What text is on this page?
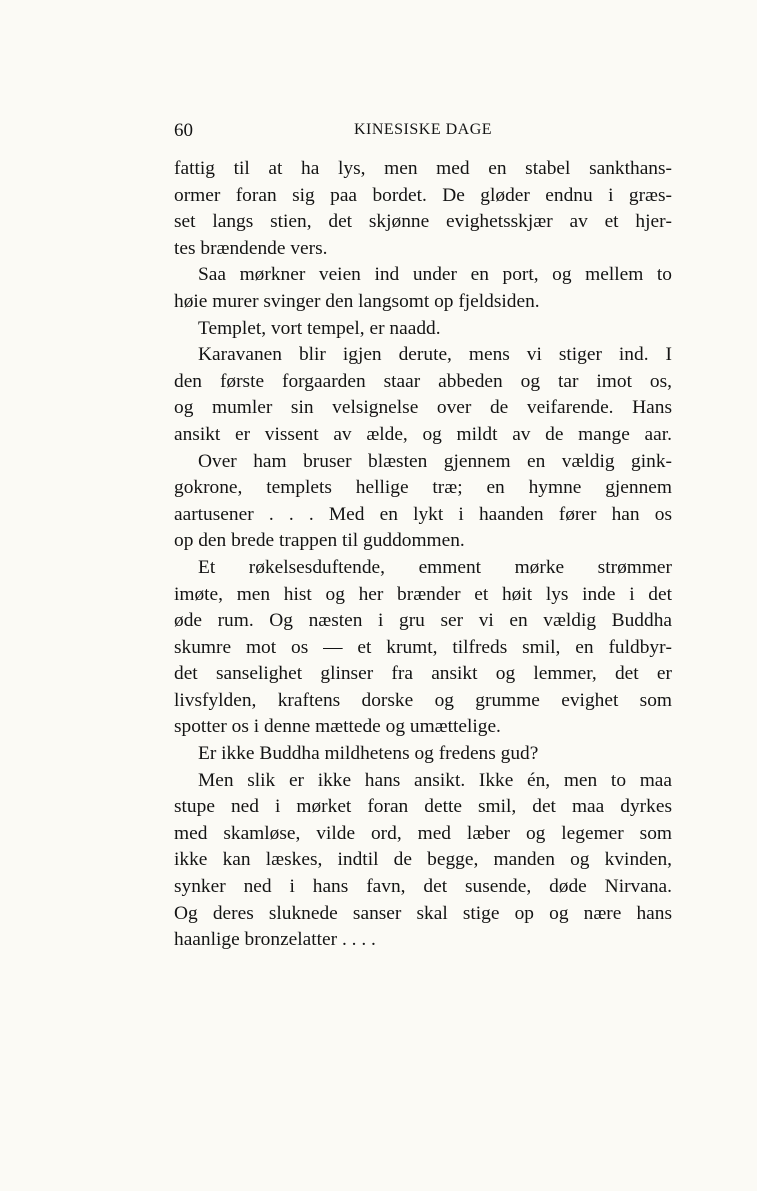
60	KINESISKE DAGE
fattig til at ha lys, men med en stabel sankthans‐
ormer foran sig paa bordet. De gløder endnu i græs‐
set langs stien, det skjønne evighetsskjær av et hjer‐
tes brændende vers.
Saa mørkner veien ind under en port, og mellem to
høie murer svinger den langsomt op fjeldsiden.
Templet, vort tempel, er naadd.
Karavanen blir igjen derute, mens vi stiger ind. I
den første forgaarden staar abbeden og tar imot os,
og mumler sin velsignelse over de veifarende. Hans
ansikt er vissent av ælde, og mildt av de mange aar.
Over ham bruser blæsten gjennem en vældig gink‐
gokrone, templets hellige træ; en hymne gjennem
aartusener . . . Med en lykt i haanden fører han os
op den brede trappen til guddommen.
Et røkelsesduftende, emment mørke strømmer
imøte, men hist og her brænder et høit lys inde i det
øde rum. Og næsten i gru ser vi en vældig Buddha
skumre mot os — et krumt, tilfreds smil, en fuldbyr‐
det sanselighet glinser fra ansikt og lemmer, det er
livsfylden, kraftens dorske og grumme evighet som
spotter os i denne mættede og umættelige.
Er ikke Buddha mildhetens og fredens gud?
Men slik er ikke hans ansikt. Ikke én, men to maa
stupe ned i mørket foran dette smil, det maa dyrkes
med skamløse, vilde ord, med læber og legemer som
ikke kan læskes, indtil de begge, manden og kvinden,
synker ned i hans favn, det susende, døde Nirvana.
Og deres sluknede sanser skal stige op og nære hans
haanlige bronzelatter . . . .
